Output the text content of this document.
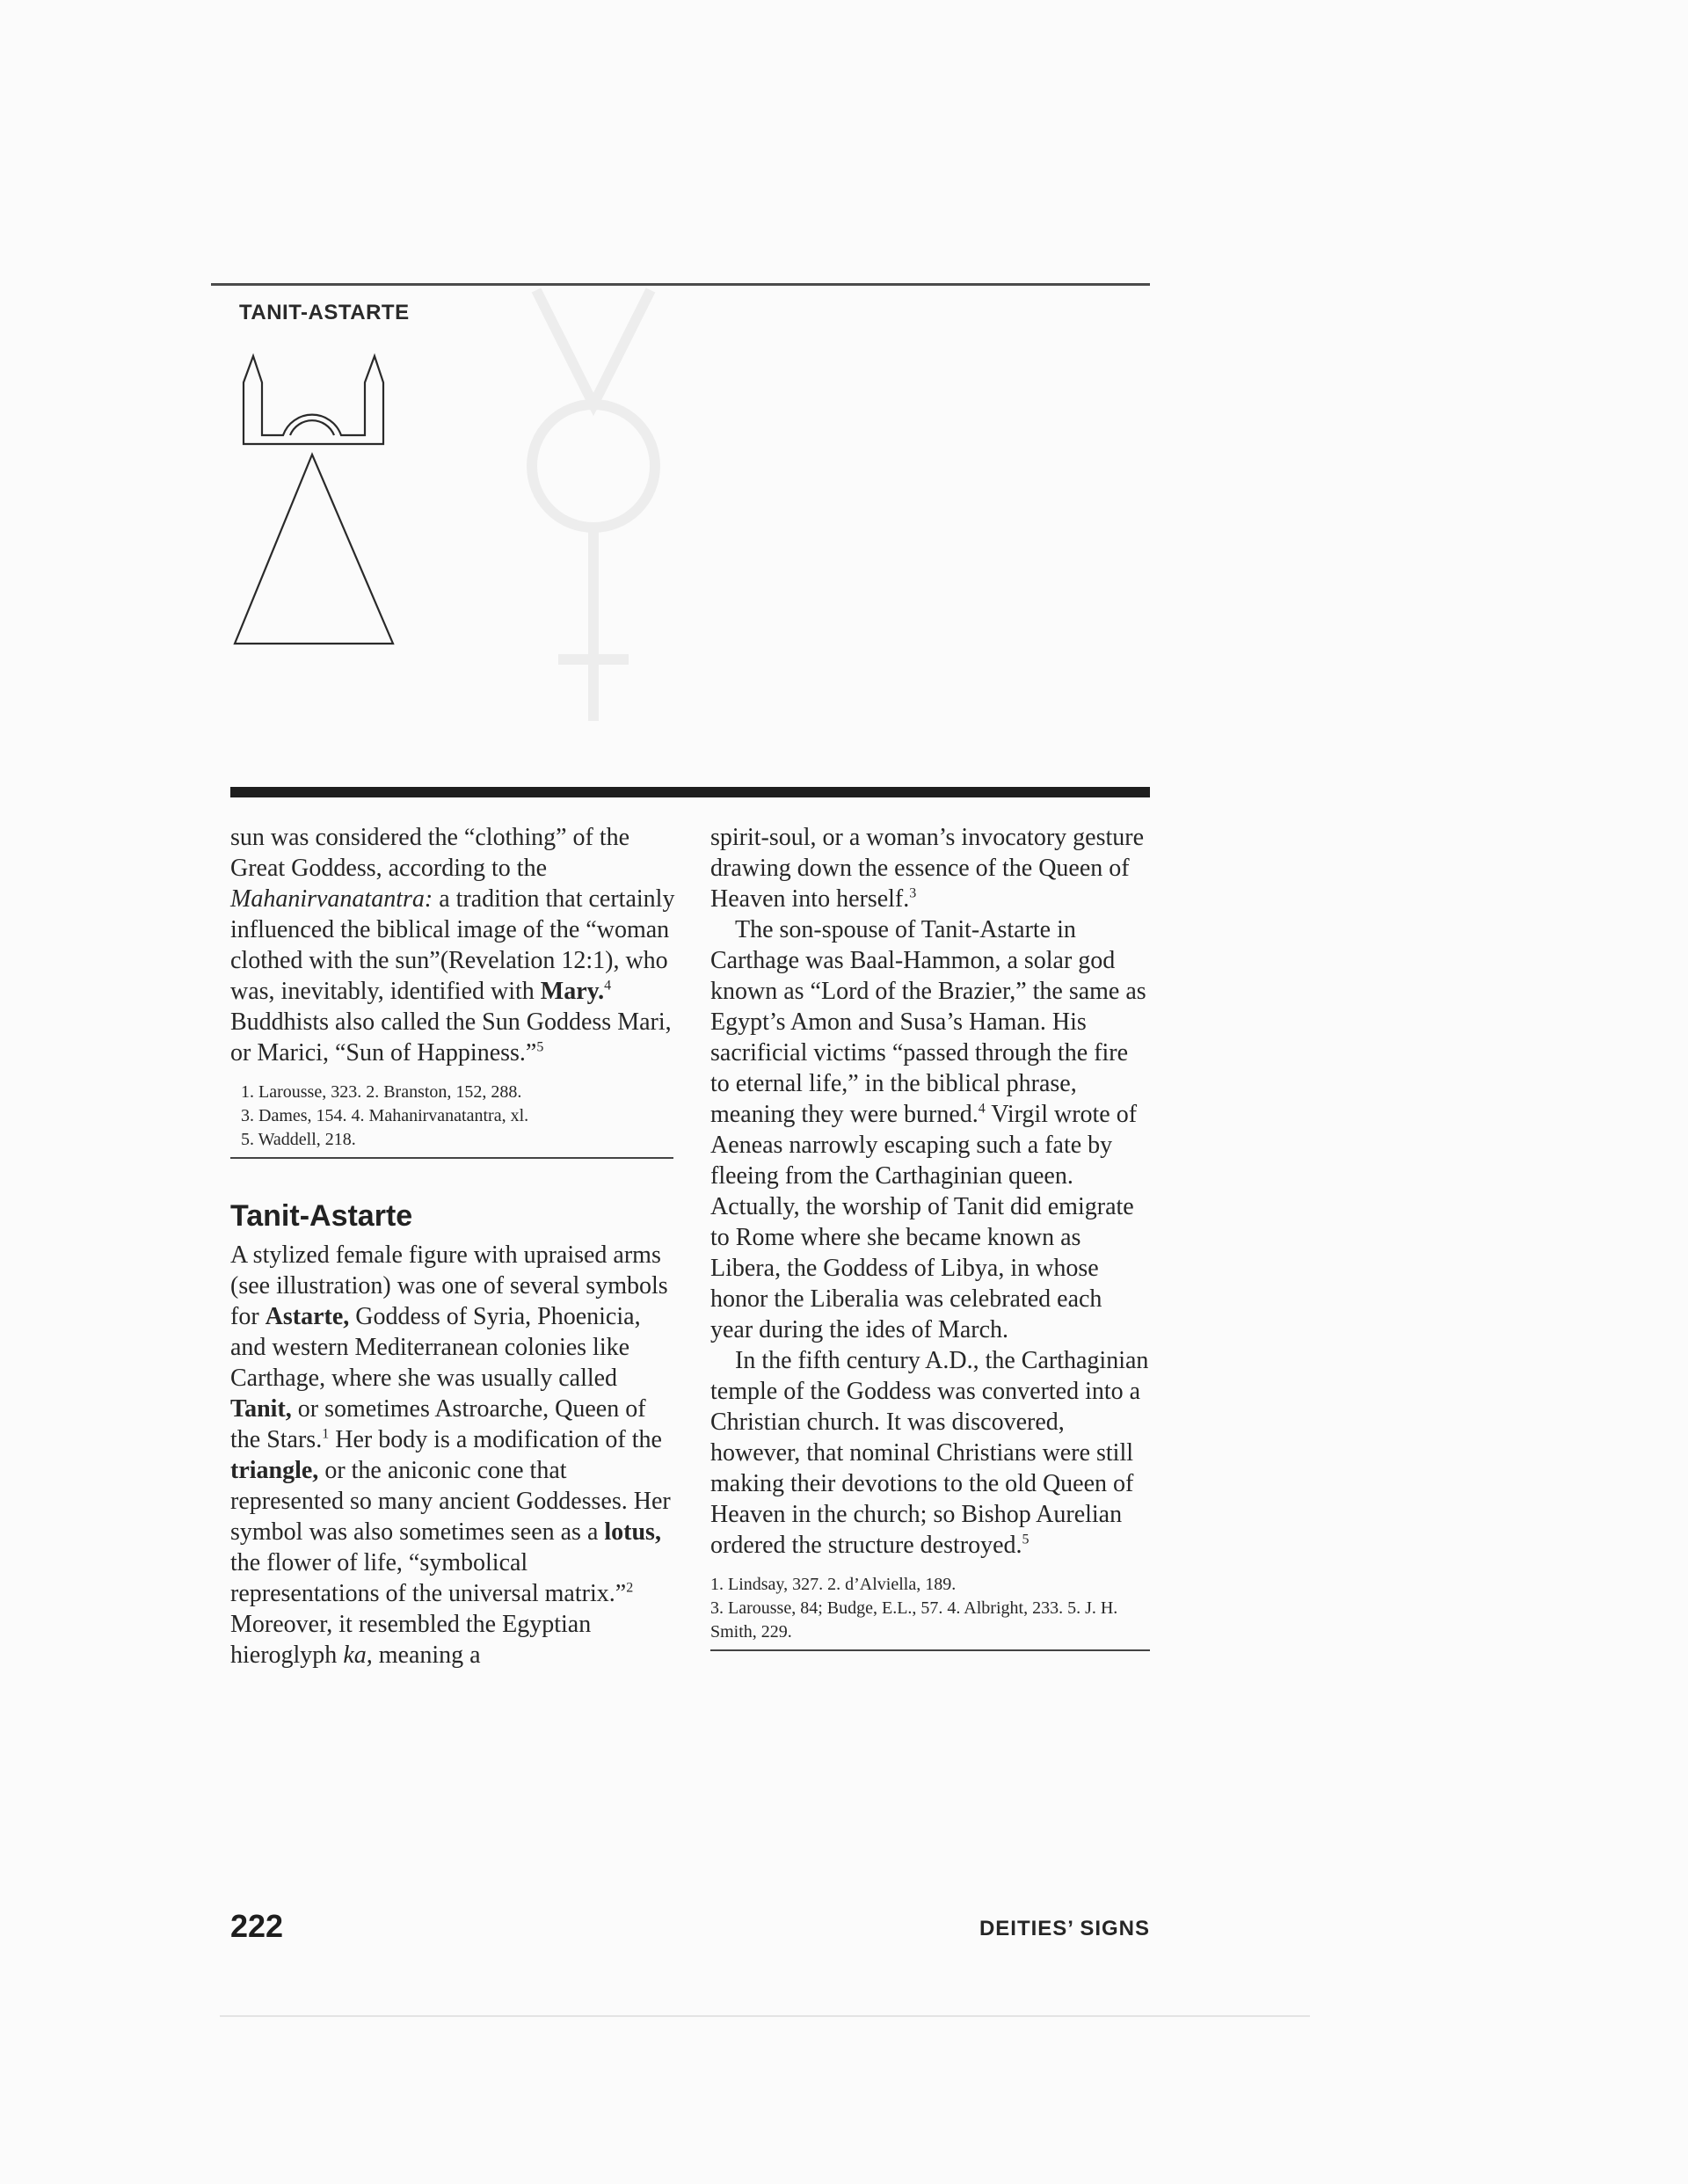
TANIT-ASTARTE

sun was considered the “clothing” of the Great Goddess, according to the Mahanirvanatantra: a tradition that certainly influenced the biblical image of the “woman clothed with the sun”(Revelation 12:1), who was, inevitably, identified with Mary.$^4$ Buddhists also called the Sun Goddess Mari, or Marici, “Sun of Happiness.”$^5$

1. Larousse, 323. 2. Branston, 152, 288.
3. Dames, 154. 4. Mahanirvanatantra, xl.
5. Waddell, 218.
Tanit-Astarte

A stylized female figure with upraised arms (see illustration) was one of several symbols for Astarte, Goddess of Syria, Phoenicia, and western Mediterranean colonies like Carthage, where she was usually called Tanit, or sometimes Astroarche, Queen of the Stars.$^1$ Her body is a modification of the triangle, or the aniconic cone that represented so many ancient Goddesses. Her symbol was also sometimes seen as a lotus, the flower of life, “symbolical representations of the universal matrix.”$^2$ Moreover, it resembled the Egyptian hieroglyph ka, meaning a

spirit-soul, or a woman’s invocatory gesture drawing down the essence of the Queen of Heaven into herself.$^3$

The son-spouse of Tanit-Astarte in Carthage was Baal-Hammon, a solar god known as “Lord of the Brazier,” the same as Egypt’s Amon and Susa’s Haman. His sacrificial victims “passed through the fire to eternal life,” in the biblical phrase, meaning they were burned.$^4$ Virgil wrote of Aeneas narrowly escaping such a fate by fleeing from the Carthaginian queen. Actually, the worship of Tanit did emigrate to Rome where she became known as Libera, the Goddess of Libya, in whose honor the Liberalia was celebrated each year during the ides of March.

In the fifth century A.D., the Carthaginian temple of the Goddess was converted into a Christian church. It was discovered, however, that nominal Christians were still making their devotions to the old Queen of Heaven in the church; so Bishop Aurelian ordered the structure destroyed.$^5$

1. Lindsay, 327. 2. d’Alviella, 189.
3. Larousse, 84; Budge, E.L., 57. 4. Albright, 233. 5. J. H. Smith, 229.
222	DEITIES’ SIGNS
